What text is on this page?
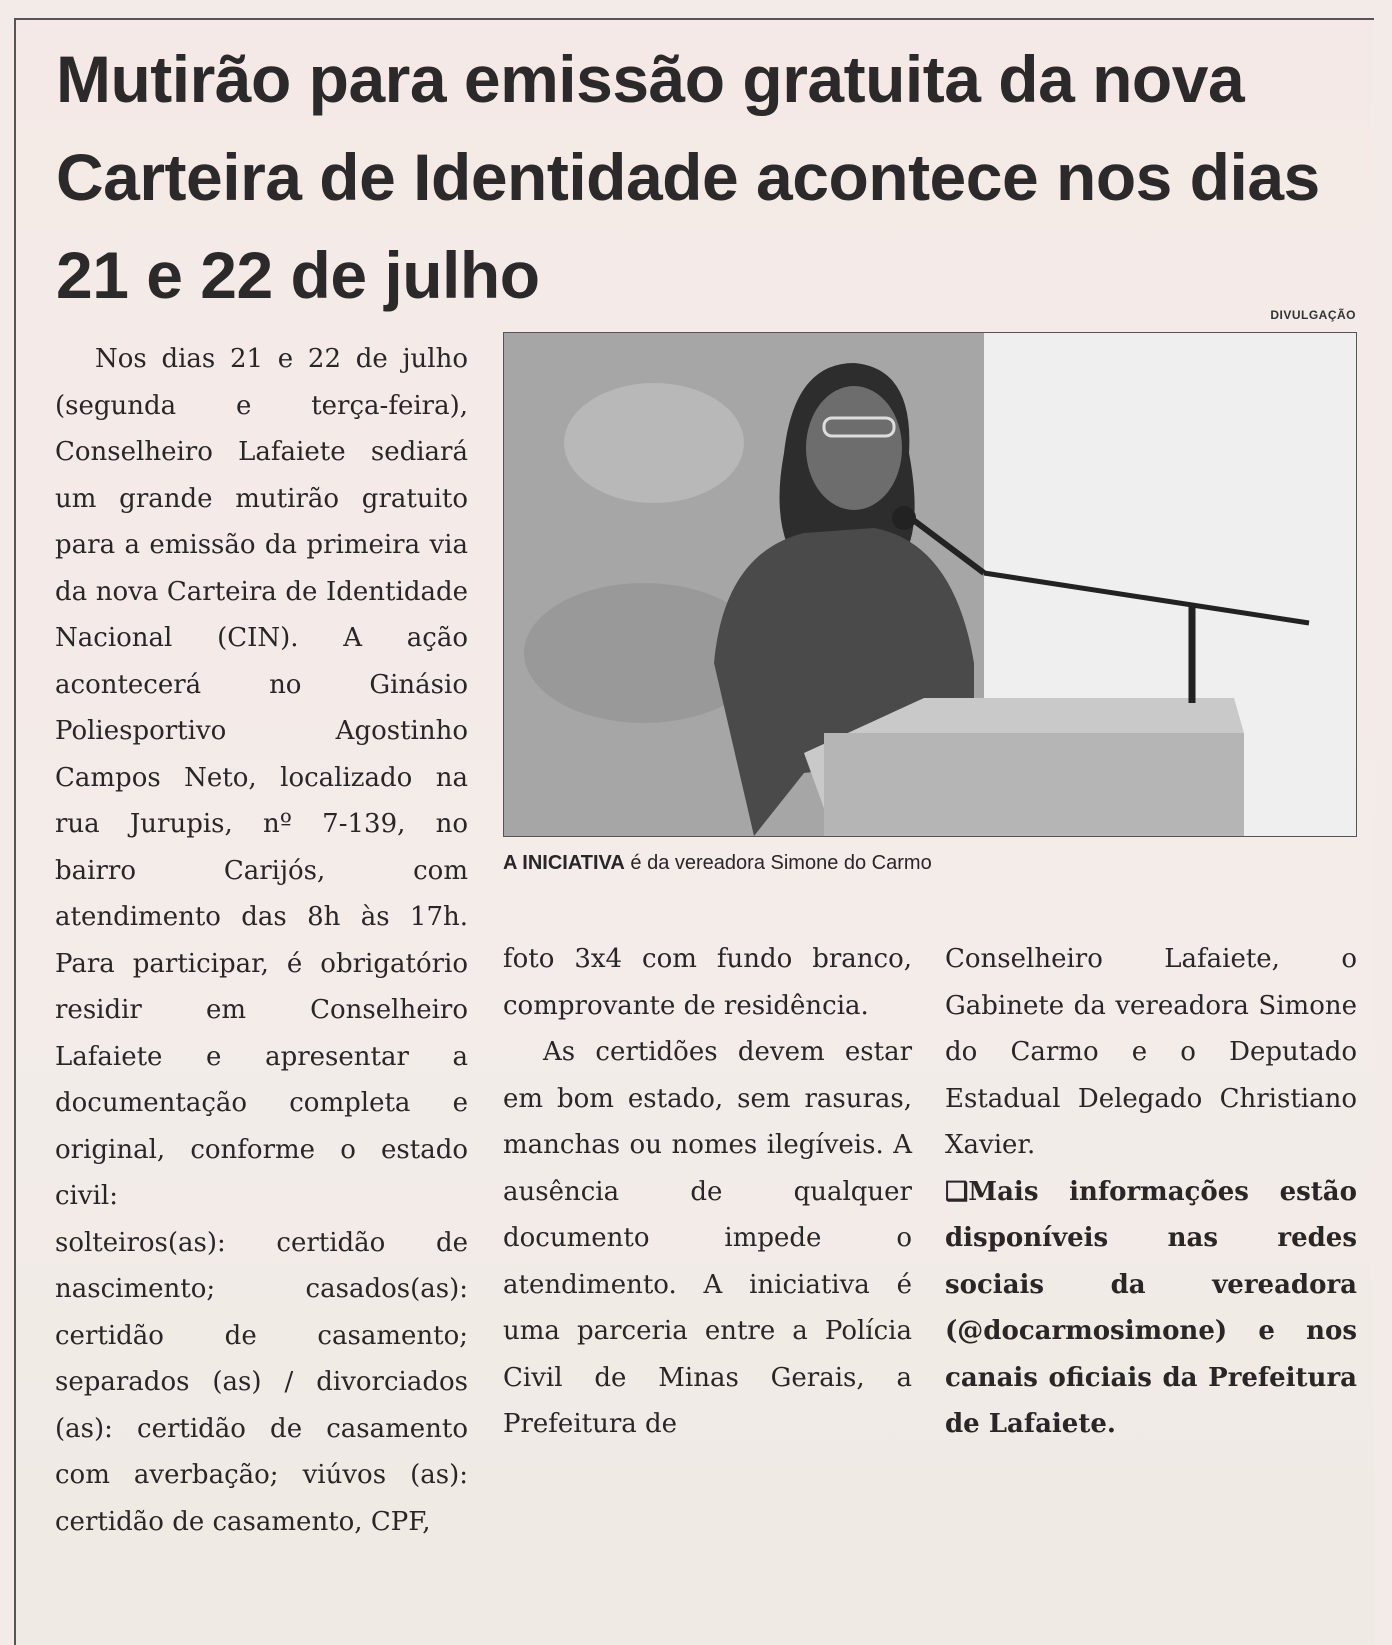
Mutirão para emissão gratuita da nova Carteira de Identidade acontece nos dias 21 e 22 de julho
DIVULGAÇÃO
A INICIATIVA é da vereadora Simone do Carmo

Nos dias 21 e 22 de julho (segunda e terça-feira), Conselheiro Lafaiete sediará um grande mutirão gratuito para a emissão da primeira via da nova Carteira de Identidade Nacional (CIN). A ação acontecerá no Ginásio Poliesportivo Agostinho Campos Neto, localizado na rua Jurupis, nº 7-139, no bairro Carijós, com atendimento das 8h às 17h. Para participar, é obrigatório residir em Conselheiro Lafaiete e apresentar a documentação completa e original, conforme o estado civil:

solteiros(as): certidão de nascimento; casados(as): certidão de casamento; separados (as) / divorciados (as): certidão de casamento com averbação; viúvos (as): certidão de casamento, CPF,

foto 3x4 com fundo branco, comprovante de residência.

As certidões devem estar em bom estado, sem rasuras, manchas ou nomes ilegíveis. A ausência de qualquer documento impede o atendimento. A iniciativa é uma parceria entre a Polícia Civil de Minas Gerais, a Prefeitura de

Conselheiro Lafaiete, o Gabinete da vereadora Simone do Carmo e o Deputado Estadual Delegado Christiano Xavier.

❑Mais informações estão disponíveis nas redes sociais da vereadora (@docarmosimone) e nos canais oficiais da Prefeitura de Lafaiete.
